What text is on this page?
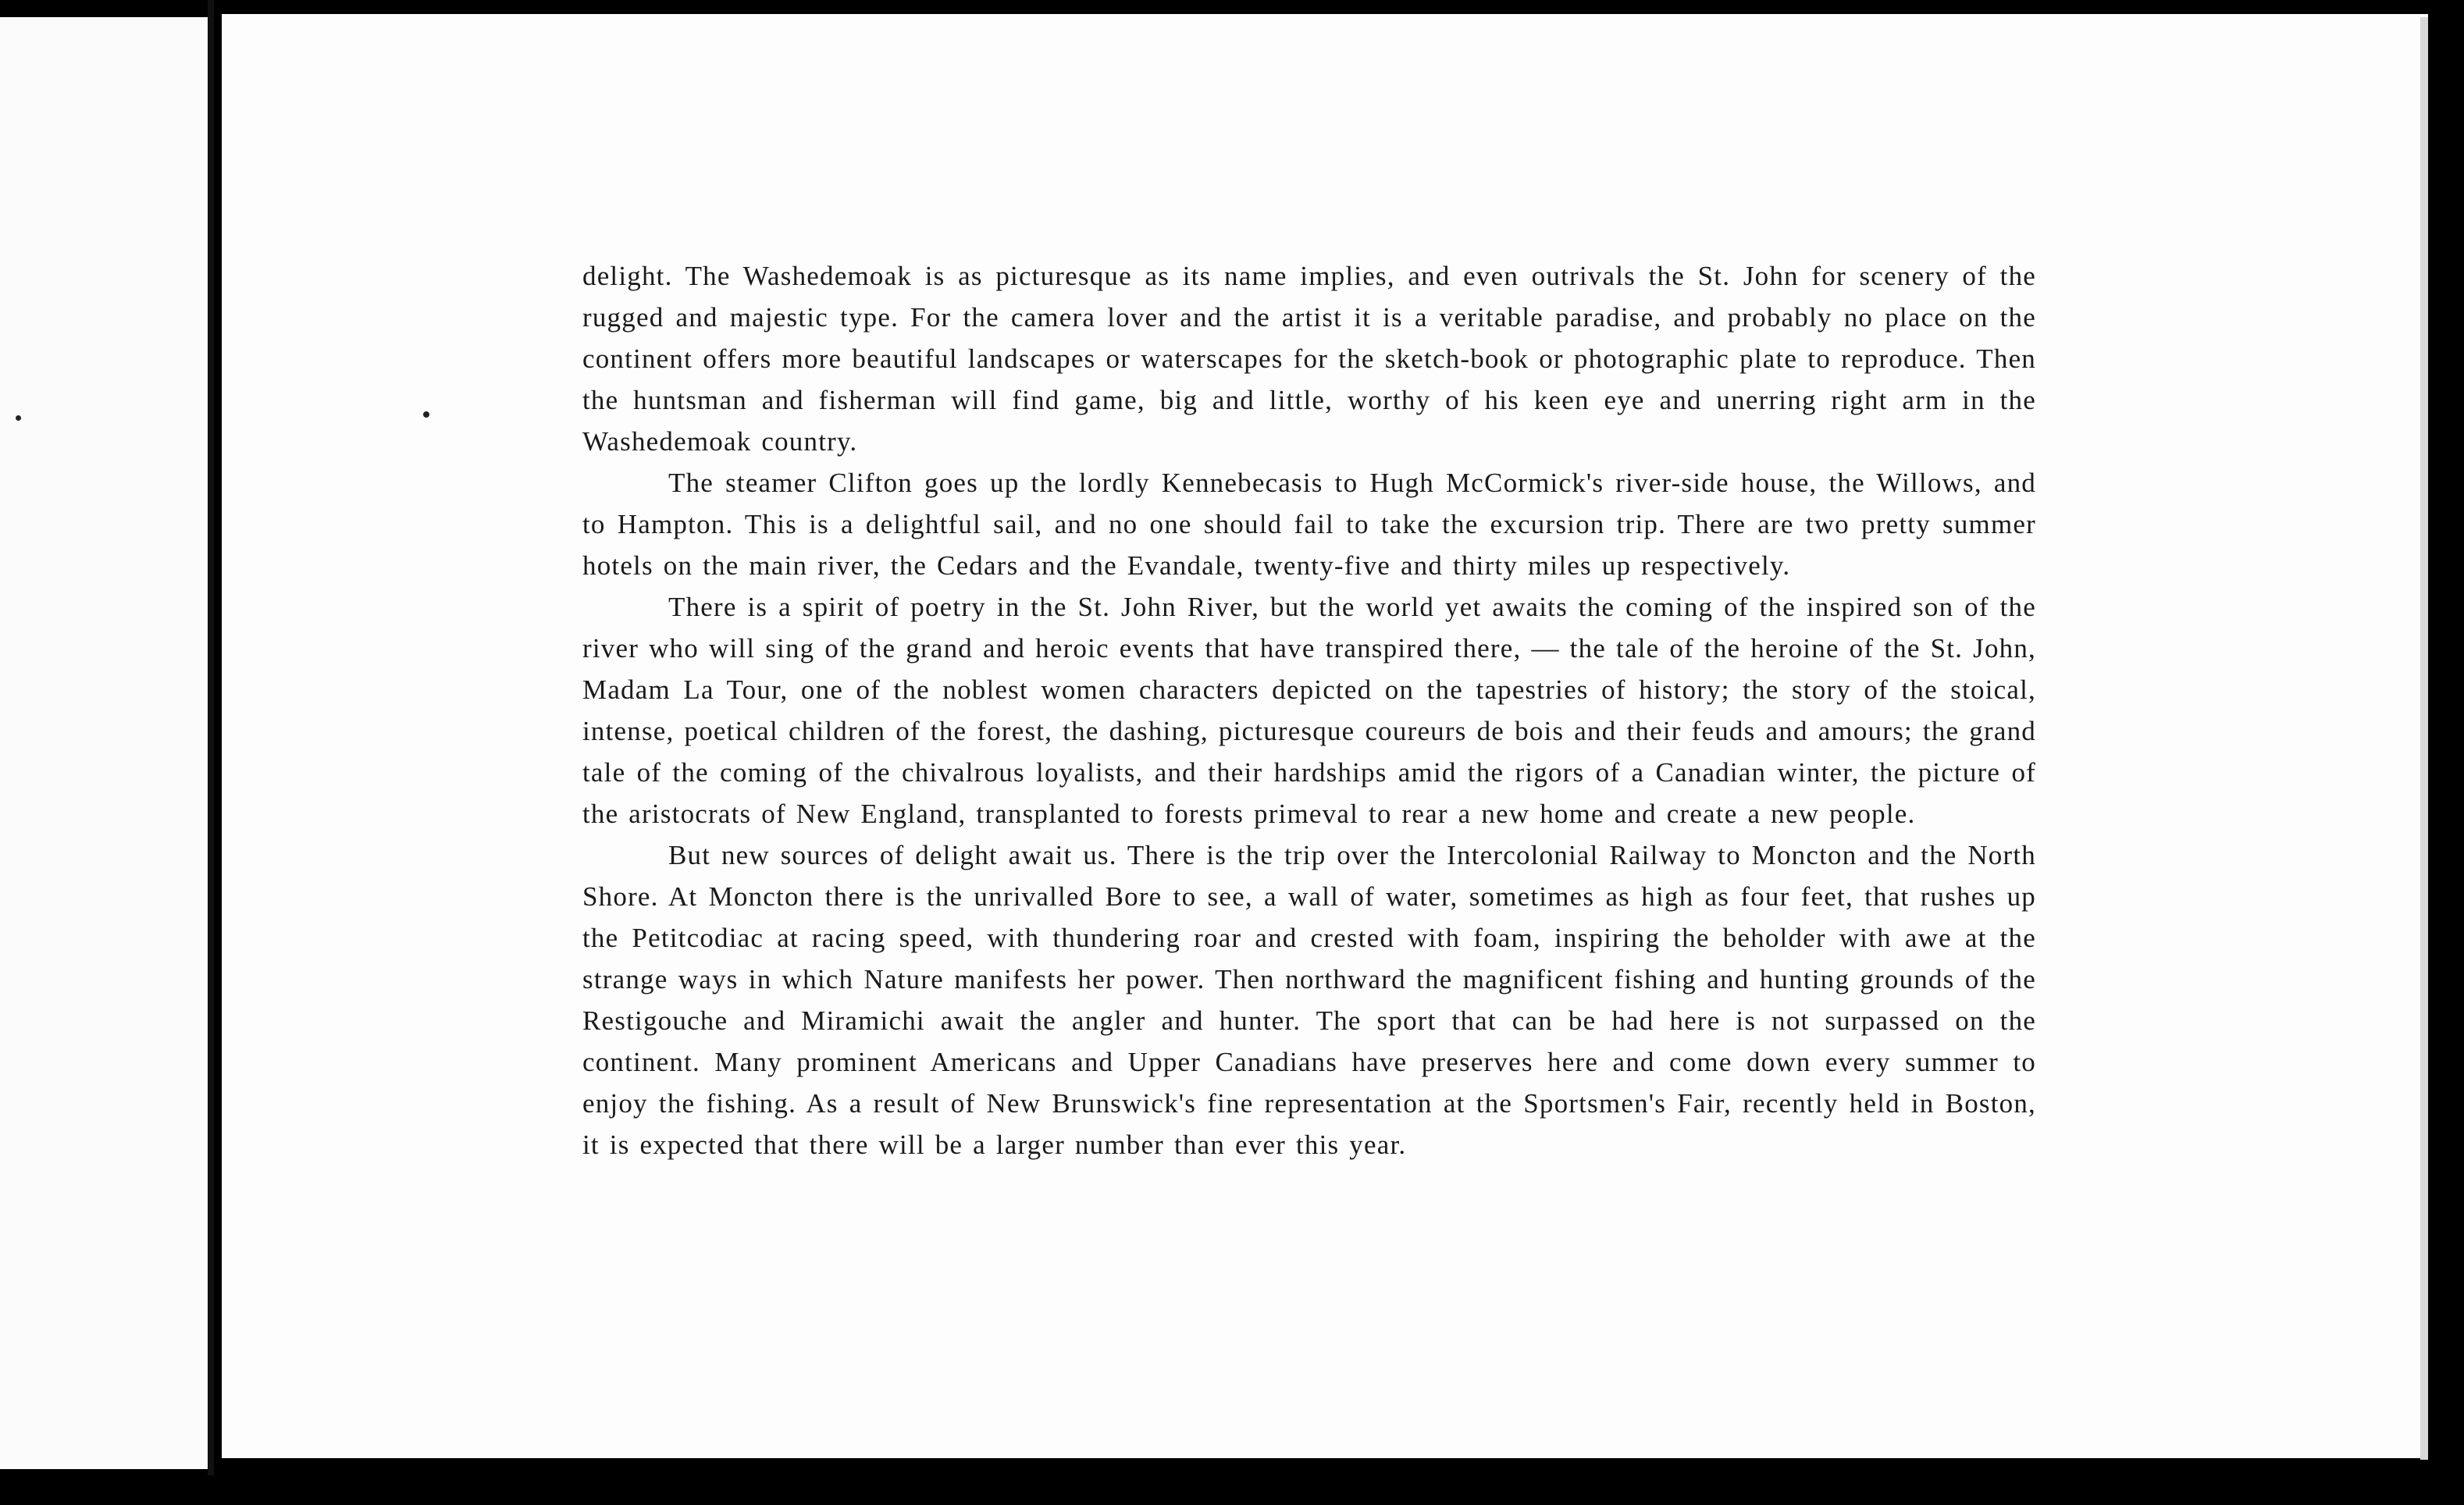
delight. The Washedemoak is as picturesque as its name implies, and even outrivals the St. John for scenery of the rugged and majestic type. For the camera lover and the artist it is a veritable paradise, and probably no place on the continent offers more beautiful landscapes or waterscapes for the sketch-book or photographic plate to reproduce. Then the huntsman and fisherman will find game, big and little, worthy of his keen eye and unerring right arm in the Washedemoak country.

The steamer Clifton goes up the lordly Kennebecasis to Hugh McCormick's river-side house, the Willows, and to Hampton. This is a delightful sail, and no one should fail to take the excursion trip. There are two pretty summer hotels on the main river, the Cedars and the Evandale, twenty-five and thirty miles up respectively.

There is a spirit of poetry in the St. John River, but the world yet awaits the coming of the inspired son of the river who will sing of the grand and heroic events that have transpired there, — the tale of the heroine of the St. John, Madam La Tour, one of the noblest women characters depicted on the tapestries of history; the story of the stoical, intense, poetical children of the forest, the dashing, picturesque coureurs de bois and their feuds and amours; the grand tale of the coming of the chivalrous loyalists, and their hardships amid the rigors of a Canadian winter, the picture of the aristocrats of New England, transplanted to forests primeval to rear a new home and create a new people.

But new sources of delight await us. There is the trip over the Intercolonial Railway to Moncton and the North Shore. At Moncton there is the unrivalled Bore to see, a wall of water, sometimes as high as four feet, that rushes up the Petitcodiac at racing speed, with thundering roar and crested with foam, inspiring the beholder with awe at the strange ways in which Nature manifests her power. Then northward the magnificent fishing and hunting grounds of the Restigouche and Miramichi await the angler and hunter. The sport that can be had here is not surpassed on the continent. Many prominent Americans and Upper Canadians have preserves here and come down every summer to enjoy the fishing. As a result of New Brunswick's fine representation at the Sportsmen's Fair, recently held in Boston, it is expected that there will be a larger number than ever this year.
